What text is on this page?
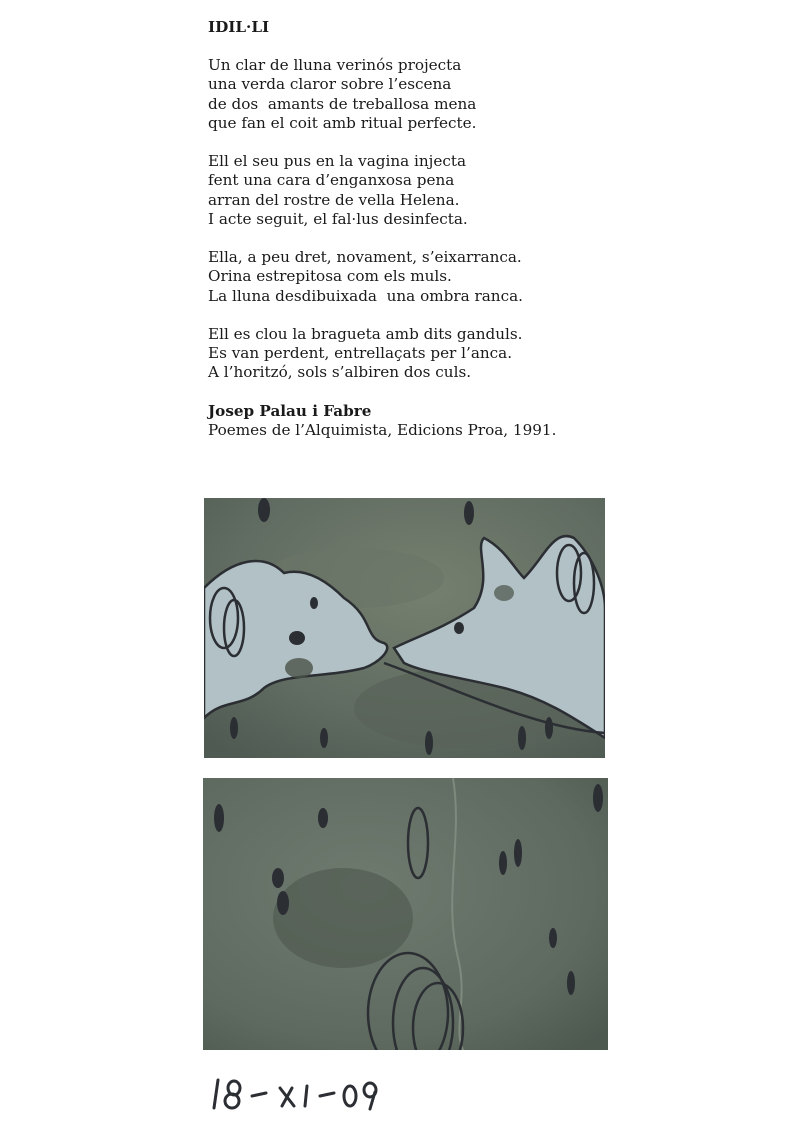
IDIL·LI
Un clar de lluna verinós projecta
una verda claror sobre l’escena
de dos  amants de treballosa mena
que fan el coit amb ritual perfecte.
Ell el seu pus en la vagina injecta
fent una cara d’enganxosa pena
arran del rostre de vella Helena.
I acte seguit, el fal·lus desinfecta.
Ella, a peu dret, novament, s’eixarranca.
Orina estrepitosa com els muls.
La lluna desdibuixada  una ombra ranca.
Ell es clou la bragueta amb dits ganduls.
Es van perdent, entrellaçats per l’anca.
A l’horitzó, sols s’albiren dos culs.
Josep Palau i Fabre
Poemes de l’Alquimista, Edicions Proa, 1991.
